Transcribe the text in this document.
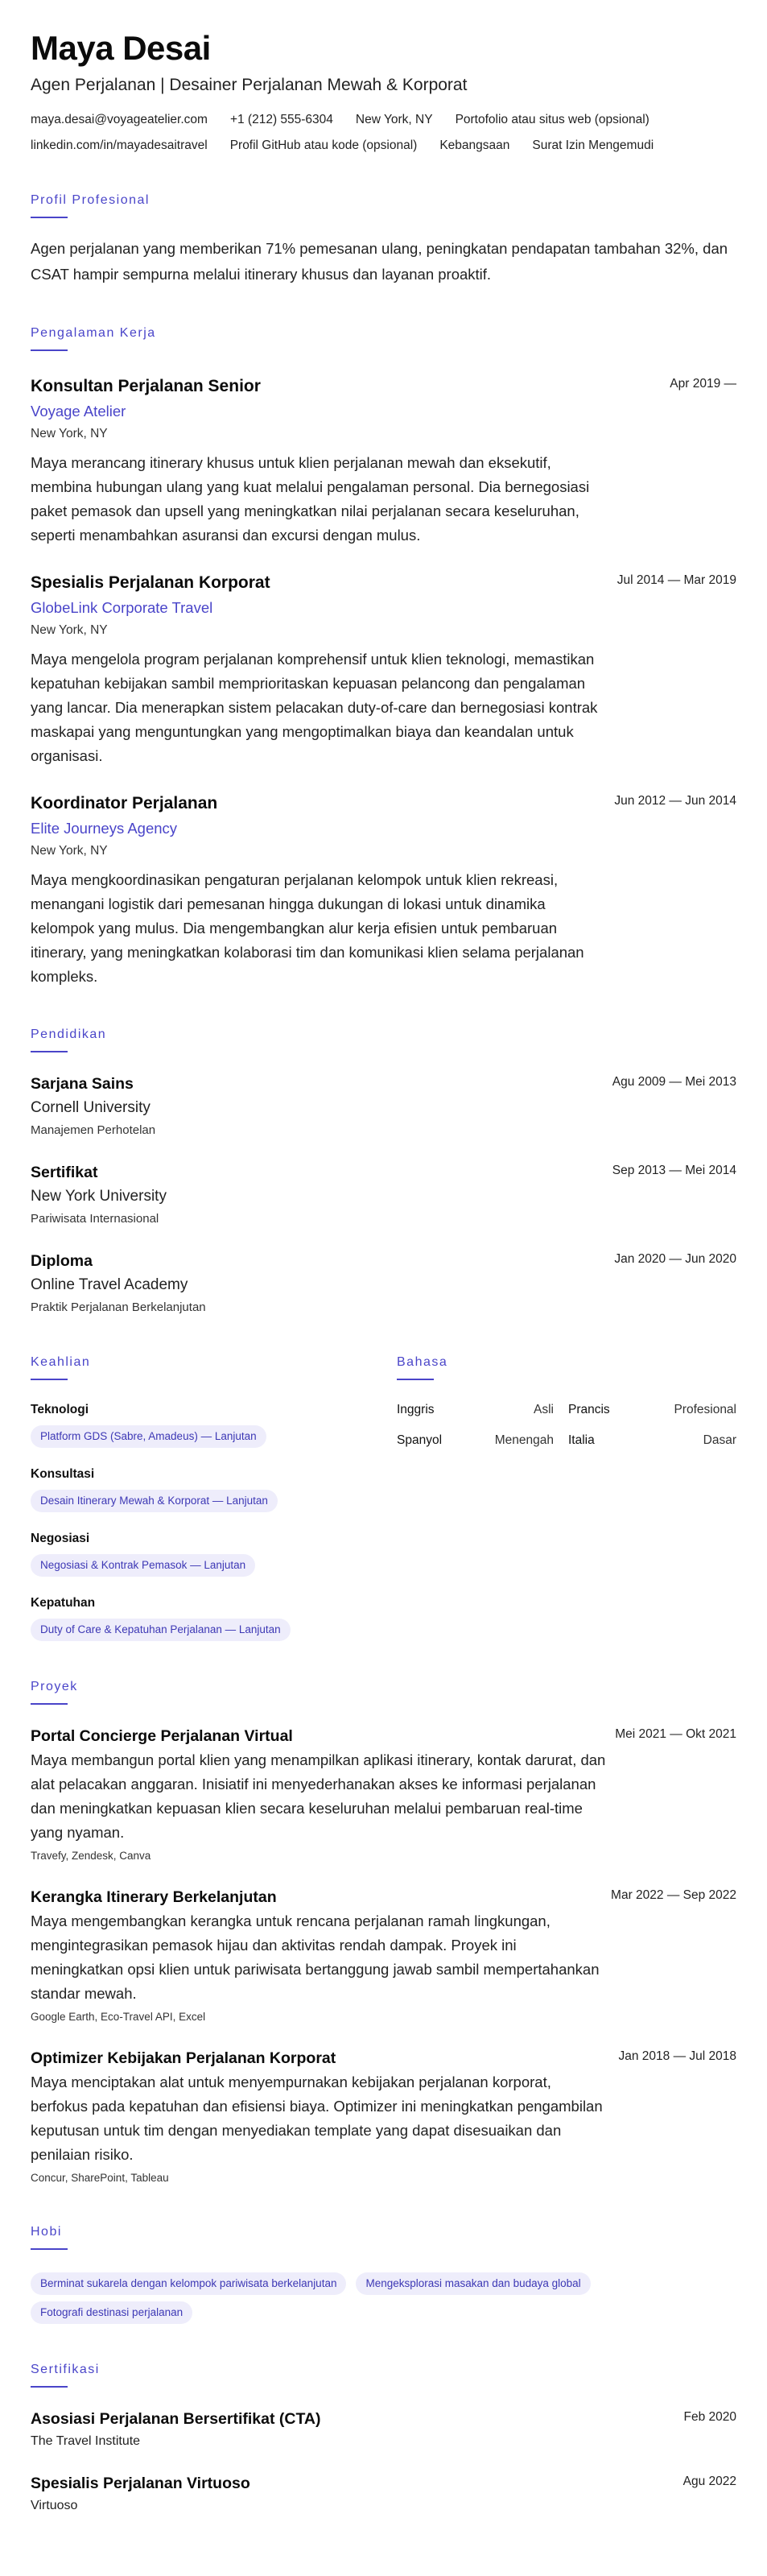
Maya Desai
Agen Perjalanan | Desainer Perjalanan Mewah & Korporat
maya.desai@voyageatelier.com +1 (212) 555-6304 New York, NY Portofolio atau situs web (opsional)
linkedin.com/in/mayadesaitravel Profil GitHub atau kode (opsional) Kebangsaan Surat Izin Mengemudi
Profil Profesional
Agen perjalanan yang memberikan 71% pemesanan ulang, peningkatan pendapatan tambahan 32%, dan CSAT hampir sempurna melalui itinerary khusus dan layanan proaktif.
Pengalaman Kerja
Konsultan Perjalanan Senior	Apr 2019 —
Voyage Atelier
New York, NY
Maya merancang itinerary khusus untuk klien perjalanan mewah dan eksekutif, membina hubungan ulang yang kuat melalui pengalaman personal. Dia bernegosiasi paket pemasok dan upsell yang meningkatkan nilai perjalanan secara keseluruhan, seperti menambahkan asuransi dan excursi dengan mulus.
Spesialis Perjalanan Korporat	Jul 2014 — Mar 2019
GlobeLink Corporate Travel
New York, NY
Maya mengelola program perjalanan komprehensif untuk klien teknologi, memastikan kepatuhan kebijakan sambil memprioritaskan kepuasan pelancong dan pengalaman yang lancar. Dia menerapkan sistem pelacakan duty-of-care dan bernegosiasi kontrak maskapai yang menguntungkan yang mengoptimalkan biaya dan keandalan untuk organisasi.
Koordinator Perjalanan	Jun 2012 — Jun 2014
Elite Journeys Agency
New York, NY
Maya mengkoordinasikan pengaturan perjalanan kelompok untuk klien rekreasi, menangani logistik dari pemesanan hingga dukungan di lokasi untuk dinamika kelompok yang mulus. Dia mengembangkan alur kerja efisien untuk pembaruan itinerary, yang meningkatkan kolaborasi tim dan komunikasi klien selama perjalanan kompleks.
Pendidikan
Sarjana Sains	Agu 2009 — Mei 2013
Cornell University
Manajemen Perhotelan
Sertifikat	Sep 2013 — Mei 2014
New York University
Pariwisata Internasional
Diploma	Jan 2020 — Jun 2020
Online Travel Academy
Praktik Perjalanan Berkelanjutan
Keahlian
Teknologi
Platform GDS (Sabre, Amadeus) — Lanjutan
Konsultasi
Desain Itinerary Mewah & Korporat — Lanjutan
Negosiasi
Negosiasi & Kontrak Pemasok — Lanjutan
Kepatuhan
Duty of Care & Kepatuhan Perjalanan — Lanjutan
Bahasa
Inggris	Asli Prancis	Profesional
Spanyol	Menengah Italia	Dasar
Proyek
Portal Concierge Perjalanan Virtual	Mei 2021 — Okt 2021
Maya membangun portal klien yang menampilkan aplikasi itinerary, kontak darurat, dan alat pelacakan anggaran. Inisiatif ini menyederhanakan akses ke informasi perjalanan dan meningkatkan kepuasan klien secara keseluruhan melalui pembaruan real-time yang nyaman.
Travefy, Zendesk, Canva
Kerangka Itinerary Berkelanjutan	Mar 2022 — Sep 2022
Maya mengembangkan kerangka untuk rencana perjalanan ramah lingkungan, mengintegrasikan pemasok hijau dan aktivitas rendah dampak. Proyek ini meningkatkan opsi klien untuk pariwisata bertanggung jawab sambil mempertahankan standar mewah.
Google Earth, Eco-Travel API, Excel
Optimizer Kebijakan Perjalanan Korporat	Jan 2018 — Jul 2018
Maya menciptakan alat untuk menyempurnakan kebijakan perjalanan korporat, berfokus pada kepatuhan dan efisiensi biaya. Optimizer ini meningkatkan pengambilan keputusan untuk tim dengan menyediakan template yang dapat disesuaikan dan penilaian risiko.
Concur, SharePoint, Tableau
Hobi
Berminat sukarela dengan kelompok pariwisata berkelanjutan	Mengeksplorasi masakan dan budaya global
Fotografi destinasi perjalanan
Sertifikasi
Asosiasi Perjalanan Bersertifikat (CTA)	Feb 2020
The Travel Institute
Spesialis Perjalanan Virtuoso	Agu 2022
Virtuoso
